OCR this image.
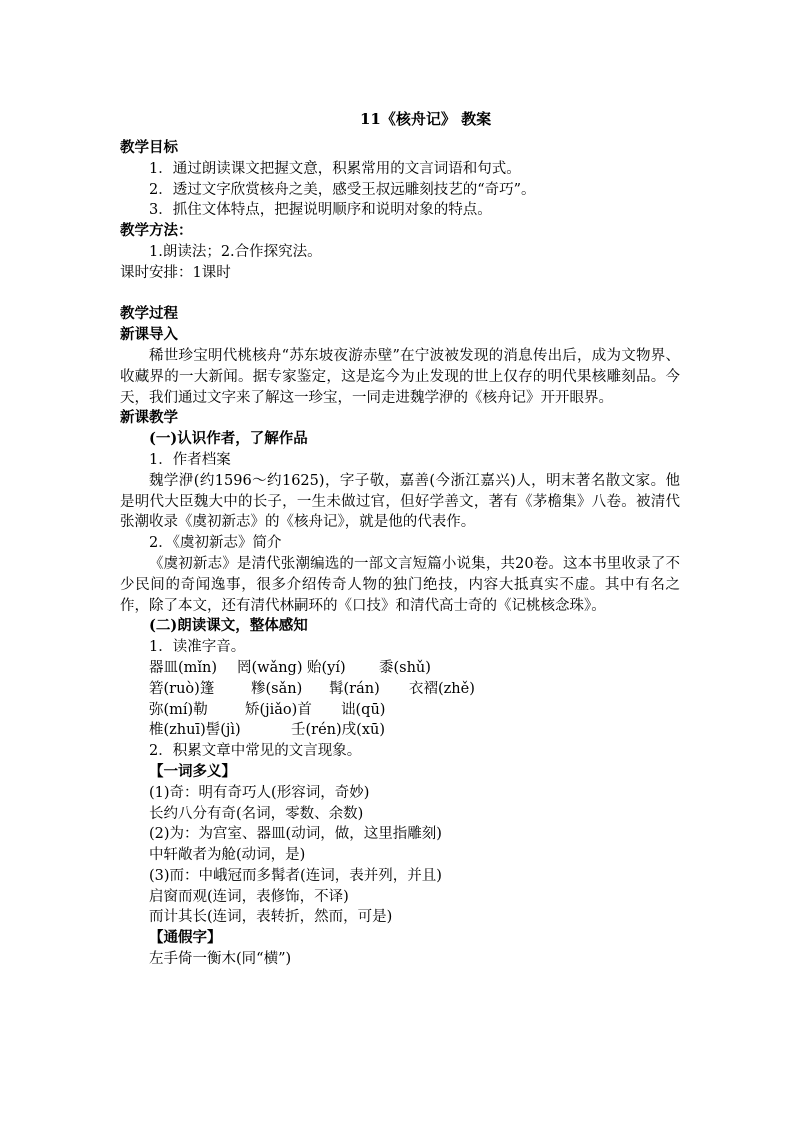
11《核舟记》 教案
教学目标
1．通过朗读课文把握文意，积累常用的文言词语和句式。
2．透过文字欣赏核舟之美，感受王叔远雕刻技艺的“奇巧”。
3．抓住文体特点，把握说明顺序和说明对象的特点。
教学方法：
1.朗读法；2.合作探究法。
课时安排：1课时
教学过程
新课导入
稀世珍宝明代桃核舟“苏东坡夜游赤壁”在宁波被发现的消息传出后，成为文物界、收藏界的一大新闻。据专家鉴定，这是迄今为止发现的世上仅存的明代果核雕刻品。今天，我们通过文字来了解这一珍宝，一同走进魏学洢的《核舟记》开开眼界。
新课教学
(一)认识作者，了解作品
1．作者档案
魏学洢(约1596～约1625)，字子敬，嘉善(今浙江嘉兴)人，明末著名散文家。他是明代大臣魏大中的长子，一生未做过官，但好学善文，著有《茅檐集》八卷。被清代张潮收录《虞初新志》的《核舟记》，就是他的代表作。
2．《虞初新志》简介
《虞初新志》是清代张潮编选的一部文言短篇小说集，共20卷。这本书里收录了不少民间的奇闻逸事，很多介绍传奇人物的独门绝技，内容大抵真实不虚。其中有名之作，除了本文，还有清代林嗣环的《口技》和清代高士奇的《记桃核念珠》。
(二)朗读课文，整体感知
1．读准字音。
器皿(mǐn) 罔(wǎng) 贻(yí) 黍(shǔ)
箬(ruò)篷	糁(sǎn) 髯(rán) 衣褶(zhě)
弥(mí)勒	矫(jiǎo)首 诎(qū)
椎(zhuī)髻(jì)	壬(rén)戌(xū)
2．积累文章中常见的文言现象。
【一词多义】
(1)奇：明有奇巧人(形容词，奇妙)
长约八分有奇(名词，零数、余数)
(2)为：为宫室、器皿(动词，做，这里指雕刻)
中轩敞者为舱(动词，是)
(3)而：中峨冠而多髯者(连词，表并列，并且)
启窗而观(连词，表修饰，不译)
而计其长(连词，表转折，然而，可是)
【通假字】
左手倚一衡木(同“横”)
